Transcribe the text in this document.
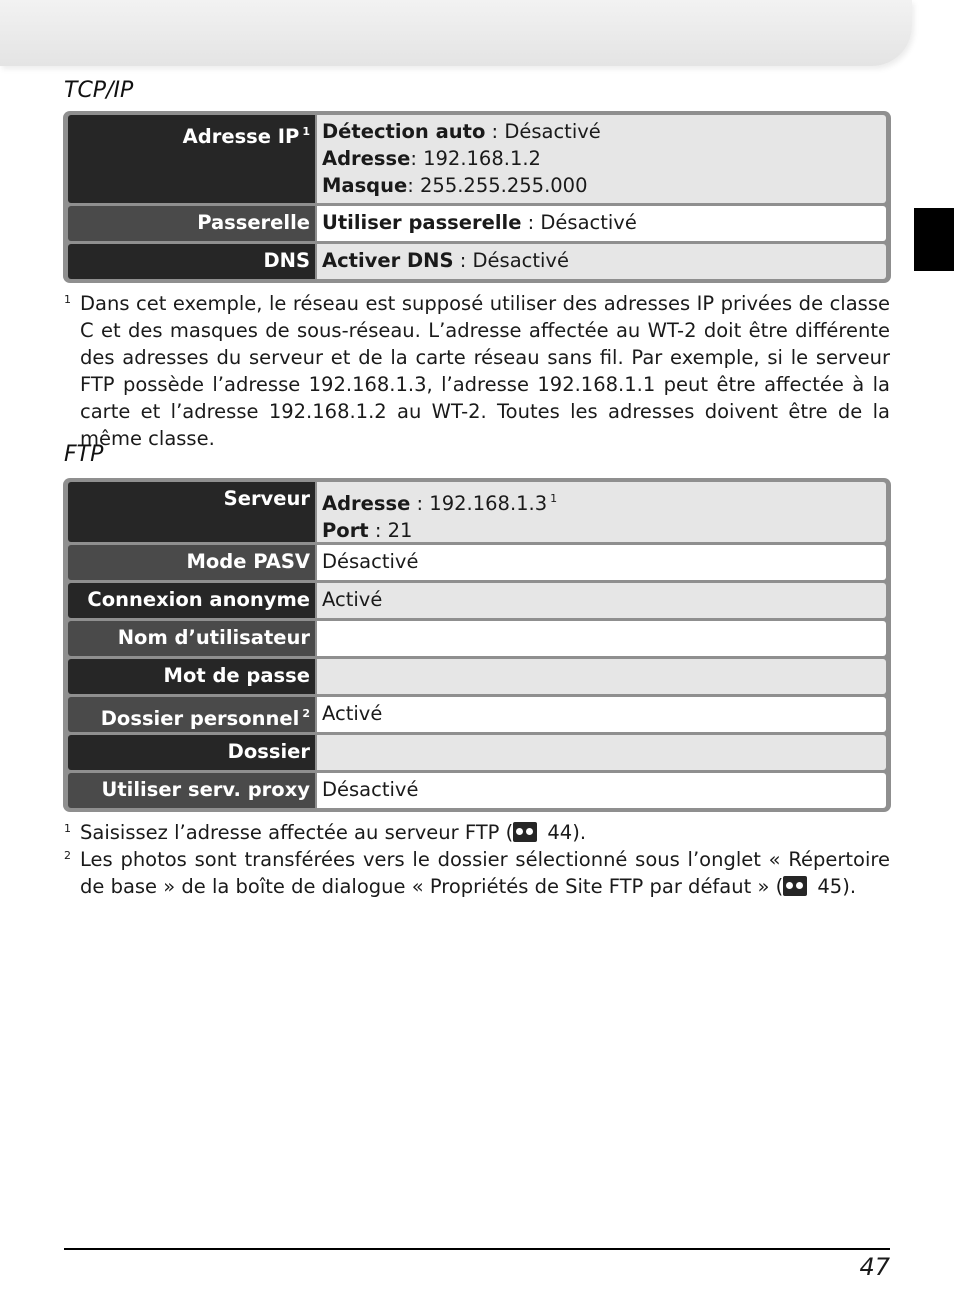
TCP/IP
Adresse IP $^1$ Détection auto : Désactivé
Adresse: 192.168.1.2
Masque: 255.255.255.000
Passerelle Utiliser passerelle : Désactivé
DNS Activer DNS : Désactivé
1 Dans cet exemple, le réseau est supposé utiliser des adresses IP privées de classe C et des masques de sous-réseau. L’adresse affectée au WT-2 doit être différente des adresses du serveur et de la carte réseau sans fil. Par exemple, si le serveur FTP possède l’adresse 192.168.1.3, l’adresse 192.168.1.1 peut être affectée à la carte et l’adresse 192.168.1.2 au WT-2. Toutes les adresses doivent être de la même classe.
FTP
Serveur Adresse : 192.168.1.3 $^1$
Port : 21
Mode PASV Désactivé
Connexion anonyme Activé
Nom d’utilisateur
Mot de passe
Dossier personnel $^2$ Activé
Dossier
Utiliser serv. proxy Désactivé
1 Saisissez l’adresse affectée au serveur FTP ( 44).
2 Les photos sont transférées vers le dossier sélectionné sous l’onglet « Répertoire de base » de la boîte de dialogue « Propriétés de Site FTP par défaut » ( 45).
47
